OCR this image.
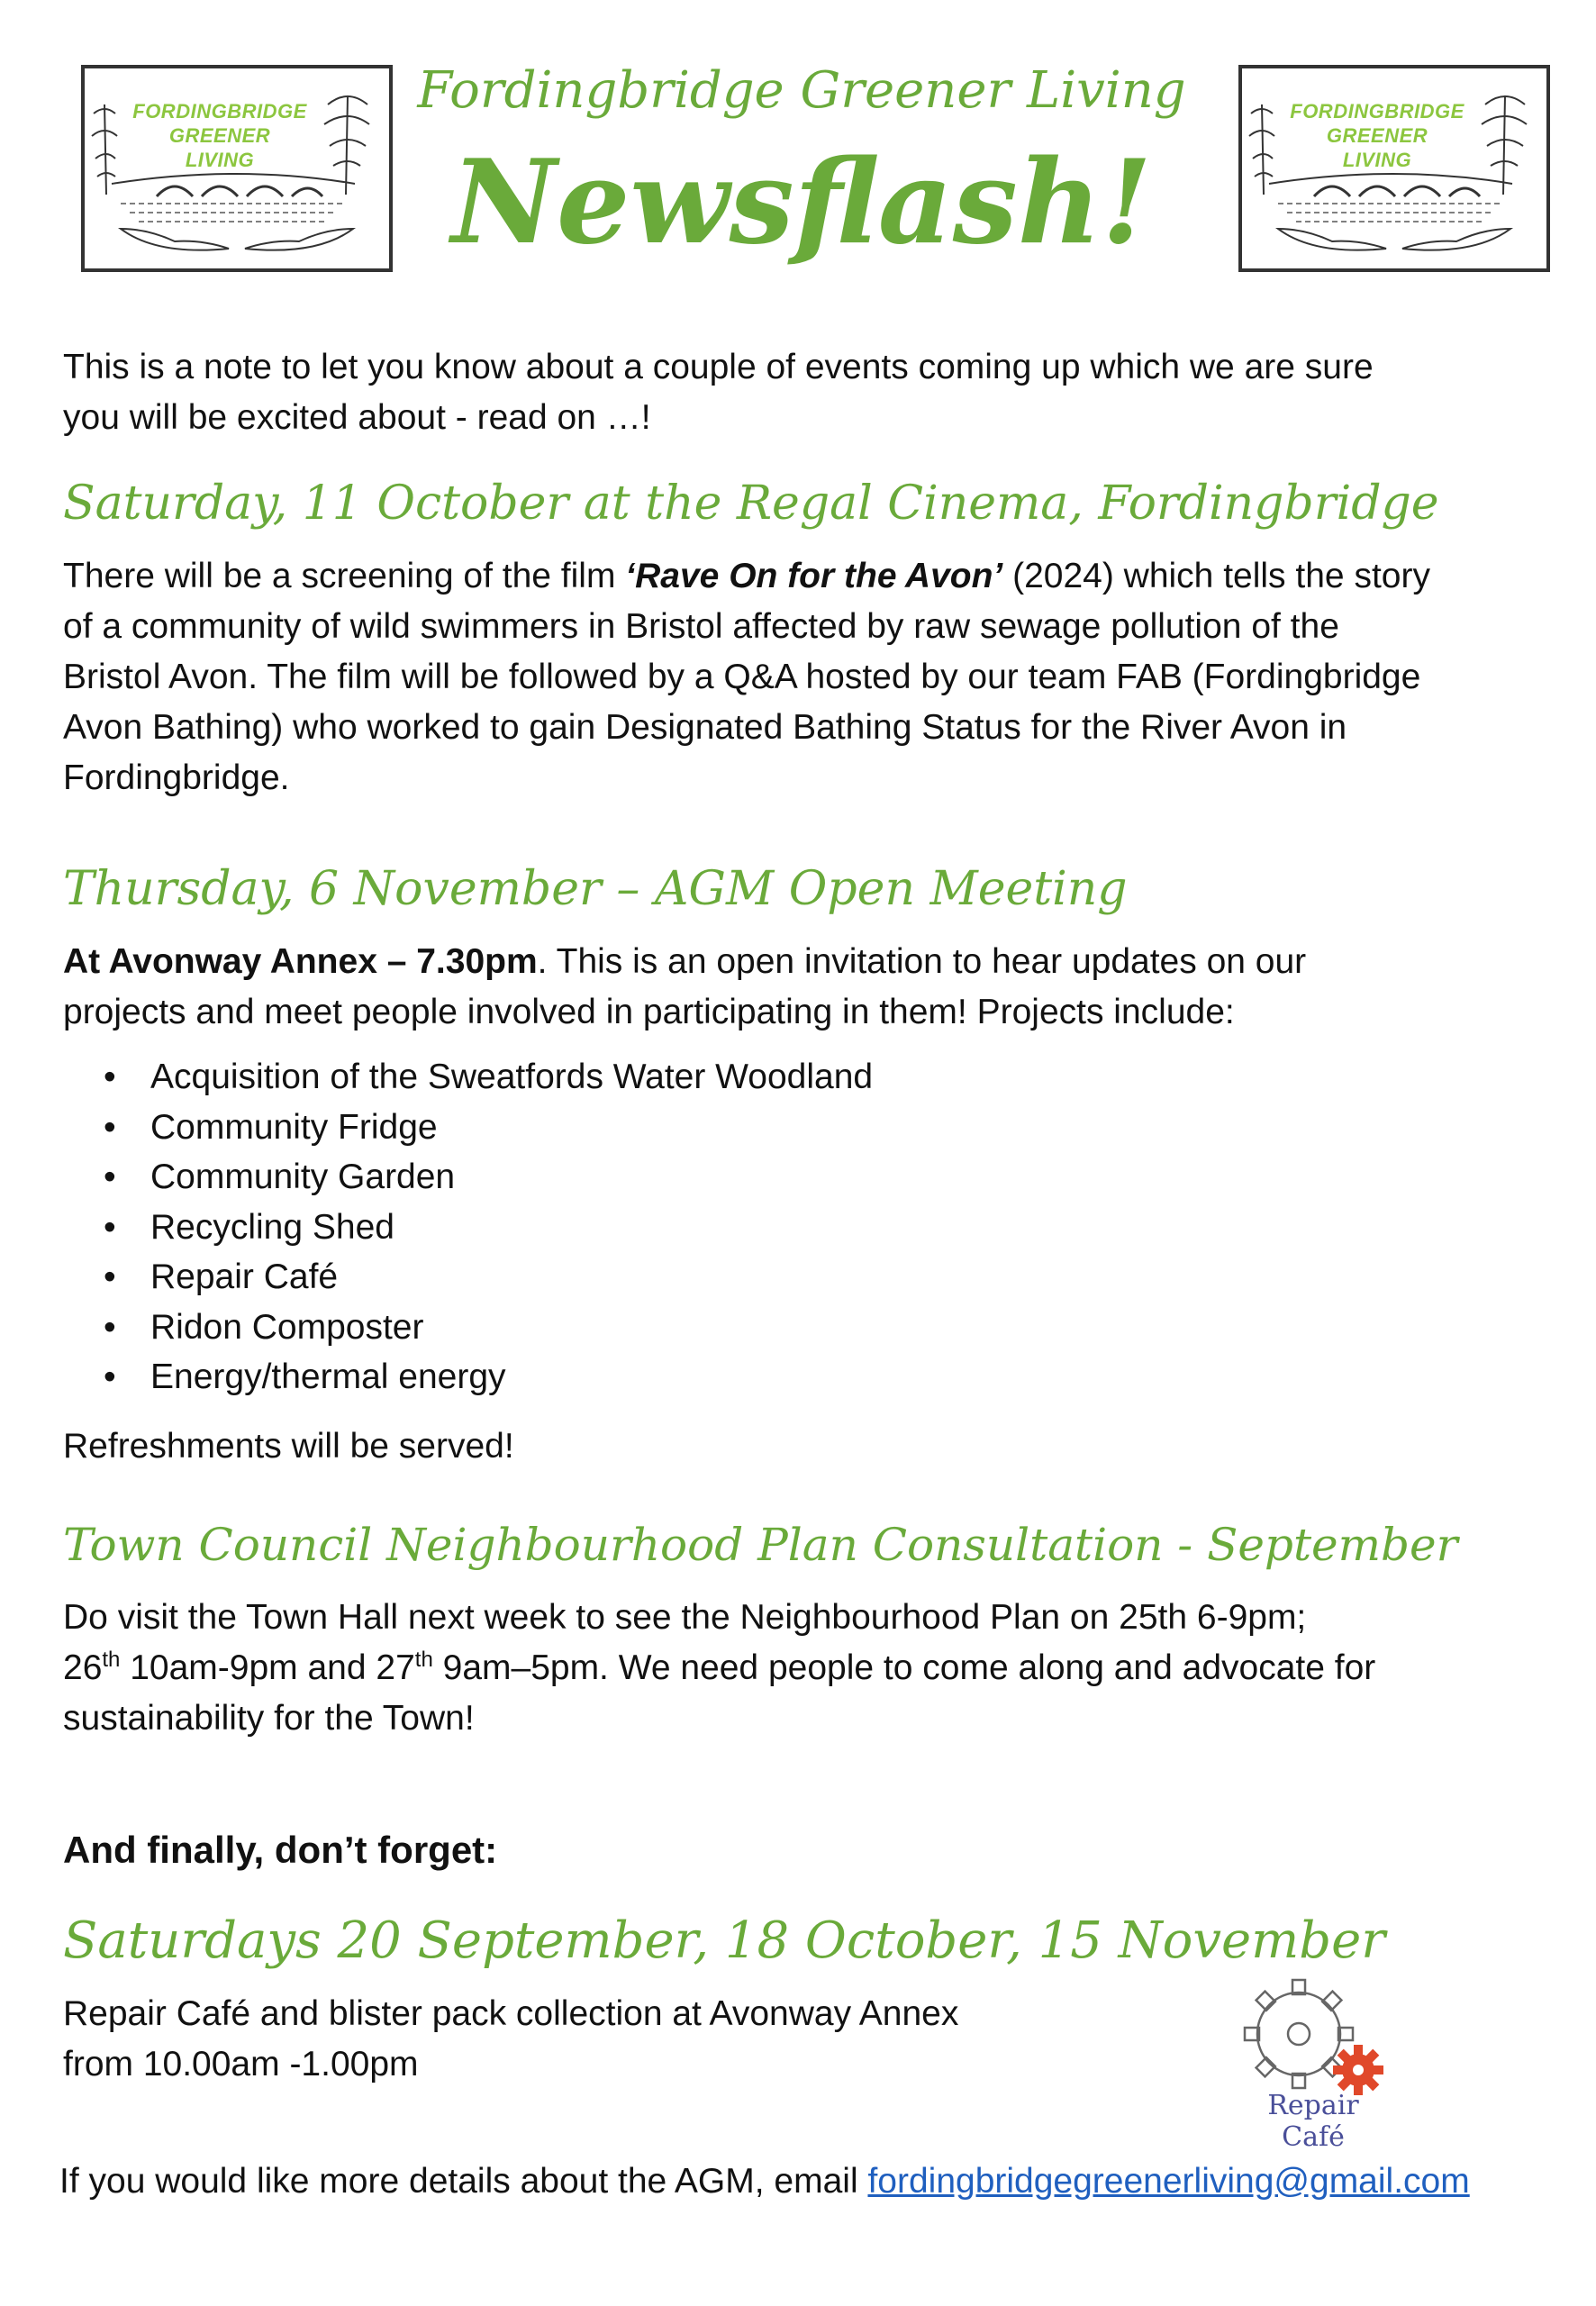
FORDINGBRIDGE
GREENER
LIVING
FORDINGBRIDGE
GREENER
LIVING
Fordingbridge Greener Living
Newsflash!
This is a note to let you know about a couple of events coming up which we are sure
you will be excited about - read on …!
Saturday, 11 October at the Regal Cinema, Fordingbridge
There will be a screening of the film ‘Rave On for the Avon’ (2024) which tells the story
of a community of wild swimmers in Bristol affected by raw sewage pollution of the
Bristol Avon. The film will be followed by a Q&A hosted by our team FAB (Fordingbridge
Avon Bathing) who worked to gain Designated Bathing Status for the River Avon in
Fordingbridge.
Thursday, 6 November – AGM Open Meeting
At Avonway Annex – 7.30pm. This is an open invitation to hear updates on our
projects and meet people involved in participating in them! Projects include:
• Acquisition of the Sweatfords Water Woodland
• Community Fridge
• Community Garden
• Recycling Shed
• Repair Café
• Ridon Composter
• Energy/thermal energy
Refreshments will be served!
Town Council Neighbourhood Plan Consultation - September
Do visit the Town Hall next week to see the Neighbourhood Plan on 25th 6-9pm;
26th 10am-9pm and 27th 9am–5pm. We need people to come along and advocate for
sustainability for the Town!
And finally, don’t forget:
Saturdays 20 September, 18 October, 15 November
Repair Café and blister pack collection at Avonway Annex
from 10.00am -1.00pm
Repair Café
If you would like more details about the AGM, email fordingbridgegreenerliving@gmail.com
